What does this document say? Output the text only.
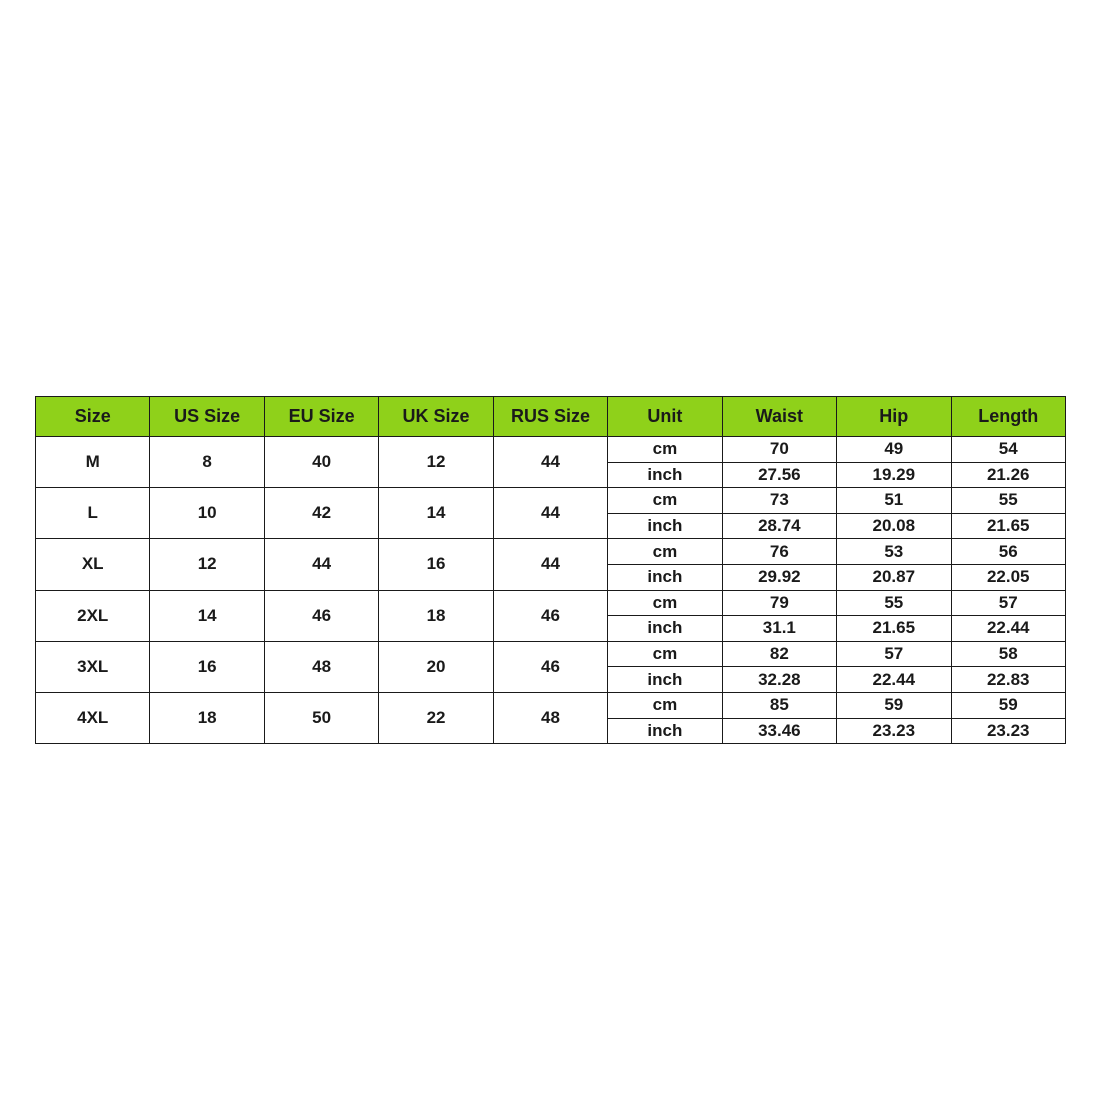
Size	US Size	EU Size	UK Size	RUS Size	Unit	Waist	Hip	Length
M	8	40	12	44	cm	70	49	54
					inch	27.56	19.29	21.26
L	10	42	14	44	cm	73	51	55
					inch	28.74	20.08	21.65
XL	12	44	16	44	cm	76	53	56
					inch	29.92	20.87	22.05
2XL	14	46	18	46	cm	79	55	57
					inch	31.1	21.65	22.44
3XL	16	48	20	46	cm	82	57	58
					inch	32.28	22.44	22.83
4XL	18	50	22	48	cm	85	59	59
					inch	33.46	23.23	23.23
